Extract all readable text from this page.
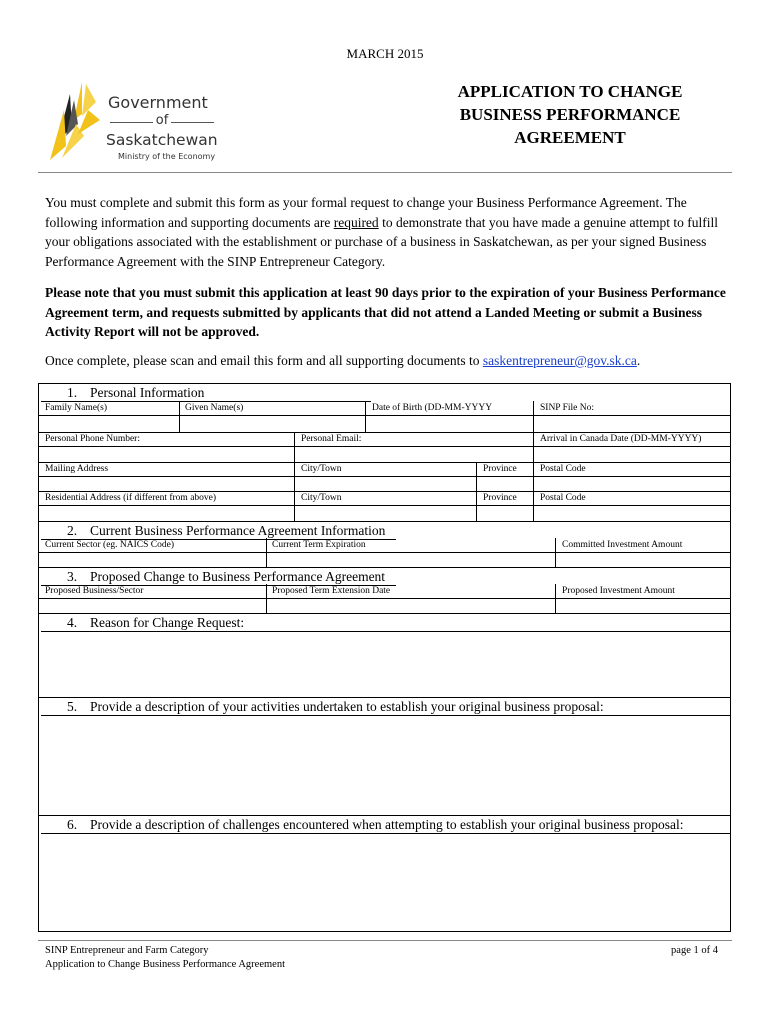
MARCH 2015
Government
of
Saskatchewan
Ministry of the Economy
APPLICATION TO CHANGE
BUSINESS PERFORMANCE
AGREEMENT
You must complete and submit this form as your formal request to change your Business Performance Agreement. The following information and supporting documents are required to demonstrate that you have made a genuine attempt to fulfill your obligations associated with the establishment or purchase of a business in Saskatchewan, as per your signed Business Performance Agreement with the SINP Entrepreneur Category.
Please note that you must submit this application at least 90 days prior to the expiration of your Business Performance Agreement term, and requests submitted by applicants that did not attend a Landed Meeting or submit a Business Activity Report will not be approved.
Once complete, please scan and email this form and all supporting documents to saskentrepreneur@gov.sk.ca.
1. Personal Information
Family Name(s)	Given Name(s)	Date of Birth (DD-MM-YYYY	SINP File No:
Personal Phone Number:	Personal Email:	Arrival in Canada Date (DD-MM-YYYY)
Mailing Address	City/Town	Province Postal Code
Residential Address (if different from above)	City/Town	Province Postal Code
2. Current Business Performance Agreement Information
Current Sector (eg. NAICS Code)	Current Term Expiration	Committed Investment Amount
3. Proposed Change to Business Performance Agreement
Proposed Business/Sector	Proposed Term Extension Date	Proposed Investment Amount
4. Reason for Change Request:
5. Provide a description of your activities undertaken to establish your original business proposal:
6. Provide a description of challenges encountered when attempting to establish your original business proposal:
SINP Entrepreneur and Farm Category
Application to Change Business Performance Agreement
page 1 of 4
